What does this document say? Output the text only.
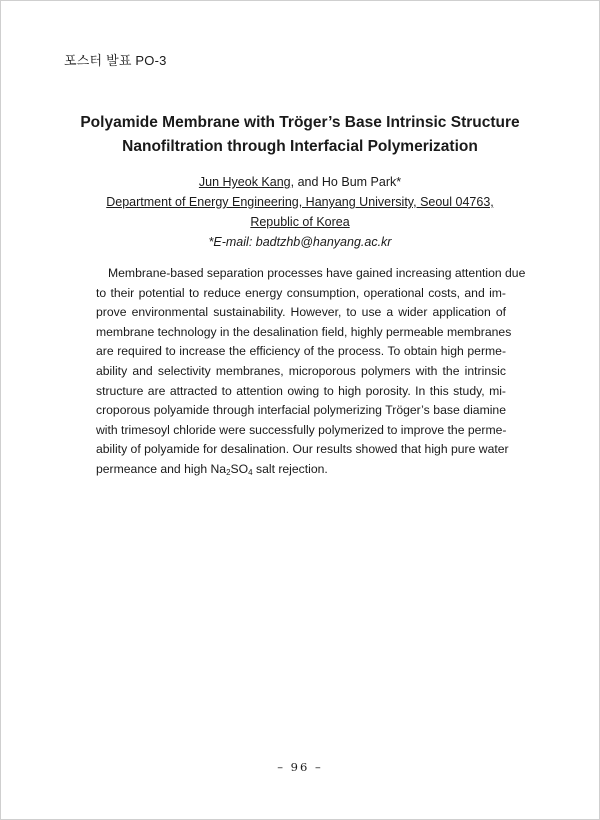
포스터 발표 PO-3
Polyamide Membrane with Tröger’s Base Intrinsic Structure
Nanofiltration through Interfacial Polymerization
Jun Hyeok Kang, and Ho Bum Park*
Department of Energy Engineering, Hanyang University, Seoul 04763,
Republic of Korea
*E-mail: badtzhb@hanyang.ac.kr
Membrane-based separation processes have gained increasing attention due
to their potential to reduce energy consumption, operational costs, and im-
prove environmental sustainability. However, to use a wider application of
membrane technology in the desalination field, highly permeable membranes
are required to increase the efficiency of the process. To obtain high perme-
ability and selectivity membranes, microporous polymers with the intrinsic
structure are attracted to attention owing to high porosity. In this study, mi-
croporous polyamide through interfacial polymerizing Tröger’s base diamine
with trimesoyl chloride were successfully polymerized to improve the perme-
ability of polyamide for desalination. Our results showed that high pure water
permeance and high $Na_2SO_4$ salt rejection.
– 96 –
